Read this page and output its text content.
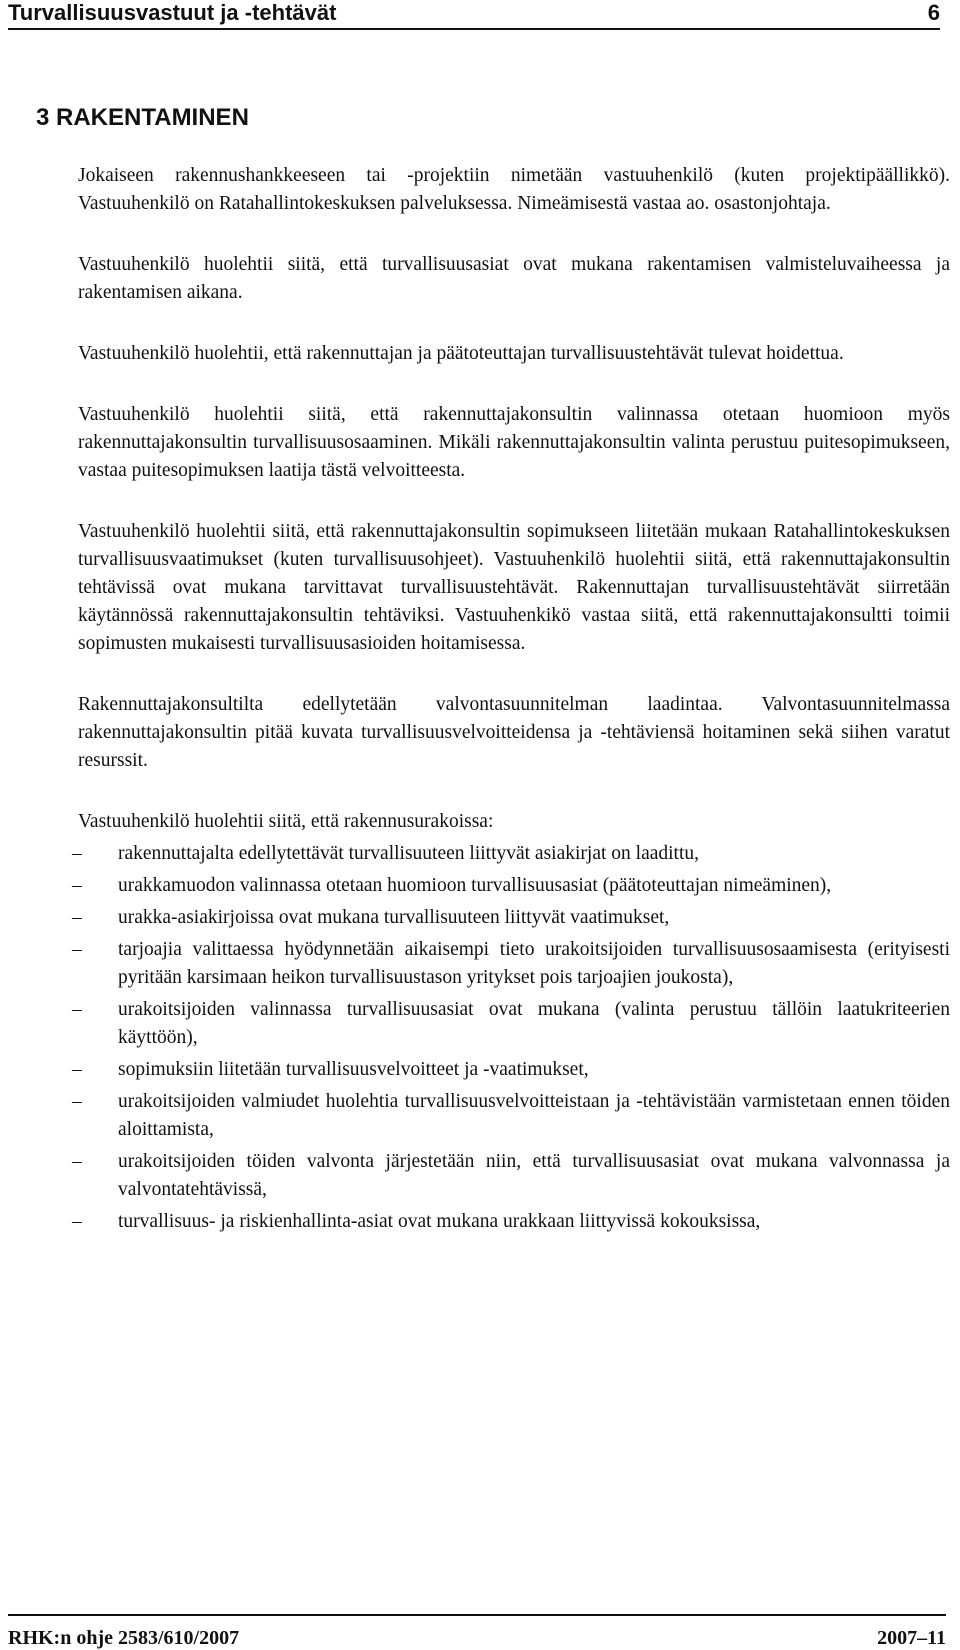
Turvallisuusvastuut ja -tehtävät	6
3 RAKENTAMINEN

Jokaiseen rakennushankkeeseen tai -projektiin nimetään vastuuhenkilö (kuten projektipäällikkö). Vastuuhenkilö on Ratahallintokeskuksen palveluksessa. Nimeämisestä vastaa ao. osastonjohtaja.

Vastuuhenkilö huolehtii siitä, että turvallisuusasiat ovat mukana rakentamisen valmisteluvaiheessa ja rakentamisen aikana.

Vastuuhenkilö huolehtii, että rakennuttajan ja päätoteuttajan turvallisuustehtävät tulevat hoidettua.

Vastuuhenkilö huolehtii siitä, että rakennuttajakonsultin valinnassa otetaan huomioon myös rakennuttajakonsultin turvallisuusosaaminen. Mikäli rakennuttajakonsultin valinta perustuu puitesopimukseen, vastaa puitesopimuksen laatija tästä velvoitteesta.

Vastuuhenkilö huolehtii siitä, että rakennuttajakonsultin sopimukseen liitetään mukaan Ratahallintokeskuksen turvallisuusvaatimukset (kuten turvallisuusohjeet). Vastuuhenkilö huolehtii siitä, että rakennuttajakonsultin tehtävissä ovat mukana tarvittavat turvallisuustehtävät. Rakennuttajan turvallisuustehtävät siirretään käytännössä rakennuttajakonsultin tehtäviksi. Vastuuhenkikö vastaa siitä, että rakennuttajakonsultti toimii sopimusten mukaisesti turvallisuusasioiden hoitamisessa.

Rakennuttajakonsultilta edellytetään valvontasuunnitelman laadintaa. Valvontasuunnitelmassa rakennuttajakonsultin pitää kuvata turvallisuusvelvoitteidensa ja -tehtäviensä hoitaminen sekä siihen varatut resurssit.

Vastuuhenkilö huolehtii siitä, että rakennusurakoissa:

– rakennuttajalta edellytettävät turvallisuuteen liittyvät asiakirjat on laadittu,
– urakkamuodon valinnassa otetaan huomioon turvallisuusasiat (päätoteuttajan nimeäminen),
– urakka-asiakirjoissa ovat mukana turvallisuuteen liittyvät vaatimukset,
– tarjoajia valittaessa hyödynnetään aikaisempi tieto urakoitsijoiden turvallisuusosaamisesta (erityisesti pyritään karsimaan heikon turvallisuustason yritykset pois tarjoajien joukosta),
– urakoitsijoiden valinnassa turvallisuusasiat ovat mukana (valinta perustuu tällöin laatukriteerien käyttöön),
– sopimuksiin liitetään turvallisuusvelvoitteet ja -vaatimukset,
– urakoitsijoiden valmiudet huolehtia turvallisuusvelvoitteistaan ja -tehtävistään varmistetaan ennen töiden aloittamista,
– urakoitsijoiden töiden valvonta järjestetään niin, että turvallisuusasiat ovat mukana valvonnassa ja valvontatehtävissä,
– turvallisuus- ja riskienhallinta-asiat ovat mukana urakkaan liittyvissä kokouksissa,
RHK:n ohje 2583/610/2007	2007–11
